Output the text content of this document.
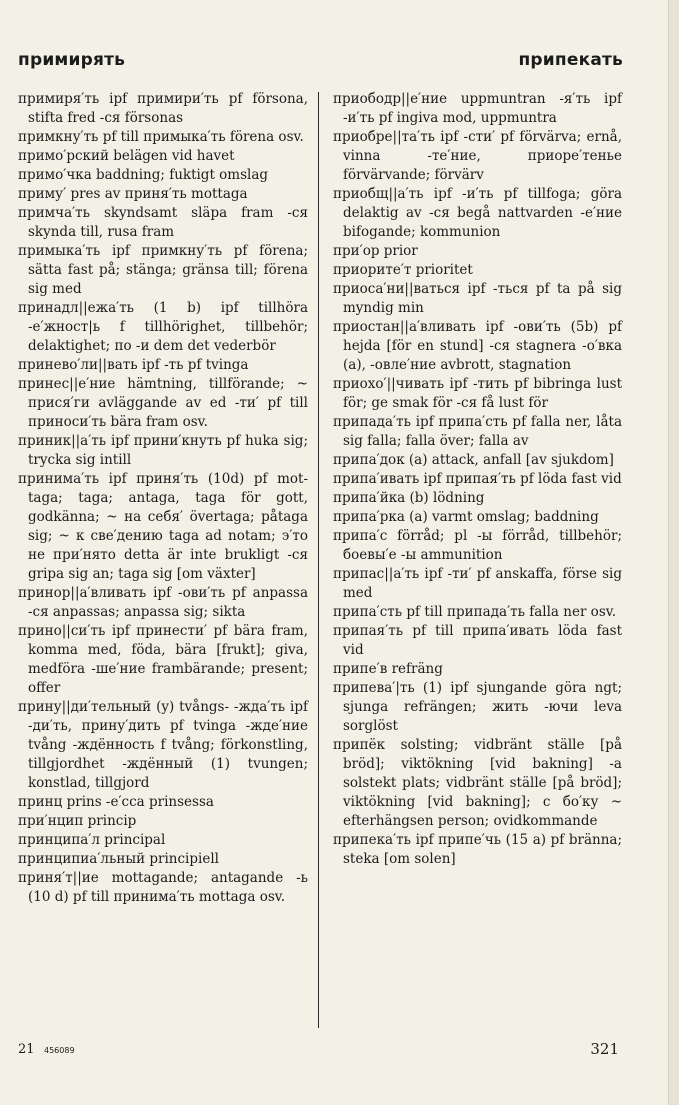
примирять	припекать

примиря′ть ipf примири′ть pf försona, stifta fred -ся försonas

примкну′ть pf till примыка′ть förena osv.

примо′рский belägen vid havet

примо′чка baddning; fuktigt omslag

приму′ pres av приня′ть mottaga

примча′ть skyndsamt släpa fram -ся skynda till, rusa fram

примыка′ть ipf примкну′ть pf förena; sätta fast på; stänga; gränsa till; förena sig med

принадл||ежа′ть (1 b) ipf tillhöra -е′жност|ь f tillhörighet, tillbehör; delaktighet; по -и dem det vederbör

принево′ли||вать ipf -ть pf tvinga

принес||е′ние hämtning, tillförande; ~ прися′ги avläggande av ed -ти′ pf till приноси′ть bära fram osv.

приник||а′ть ipf прини′кнуть pf huka sig; trycka sig intill

принима′ть ipf приня′ть (10d) pf mottaga; taga; antaga, taga för gott, godkänna; ~ на себя′ övertaga; påtaga sig; ~ к све′дению taga ad notam; э′то не при′нято detta är inte brukligt -ся gripa sig an; taga sig [om växter]

принор||а′вливать ipf -ови′ть pf anpassa -ся anpassas; anpassa sig; sikta

прино||си′ть ipf принести′ pf bära fram, komma med, föda, bära [frukt]; giva, medföra -ше′ние frambärande; present; offer

прину||ди′тельный (y) tvångs- -жда′ть ipf -ди′ть, прину′дить pf tvinga -жде′ние tvång -ждённость f tvång; förkonstling, tillgjordhet -ждённый (1) tvungen; konstlad, tillgjord

принц prins -е′сса prinsessa

при′нцип princip

принципа′л principal

принципиа′льный principiell

приня′т||ие mottagande; antagande -ь (10 d) pf till принима′ть mottaga osv.

приободр||е′ние uppmuntran -я′ть ipf -и′ть pf ingiva mod, uppmuntra

приобре||та′ть ipf -сти′ pf förvärva; ernå, vinna -те′ние, приоре′тенье förvärvande; förvärv

приобщ||а′ть ipf -и′ть pf tillfoga; göra delaktig av -ся begå nattvarden -е′ние bifogande; kommunion

при′ор prior

приорите′т prioritet

приоса′ни||ваться ipf -ться pf ta på sig myndig min

приостан||а′вливать ipf -ови′ть (5b) pf hejda [för en stund] -ся stagnera -о′вка (a), -овле′ние avbrott, stagnation

приохо′||чивать ipf -тить pf bibringa lust för; ge smak för -ся få lust för

припада′ть ipf припа′сть pf falla ner, låta sig falla; falla över; falla av

припа′док (a) attack, anfall [av sjukdom]

припа′ивать ipf припая′ть pf löda fast vid

припа′йка (b) lödning

припа′рка (a) varmt omslag; baddning

припа′с förråd; pl -ы förråd, tillbehör; боевы′е -ы ammunition

припас||а′ть ipf -ти′ pf anskaffa, förse sig med

припа′сть pf till припада′ть falla ner osv.

припая′ть pf till припа′ивать löda fast vid

припе′в refräng

припева′|ть (1) ipf sjungande göra ngt; sjunga refrängen; жить -ючи leva sorglöst

припёк solsting; vidbränt ställe [på bröd]; viktökning [vid bakning] -а solstekt plats; vidbränt ställe [på bröd]; viktökning [vid bakning]; с бо′ку ~ efterhängsen person; ovidkommande

припека′ть ipf припе′чь (15 a) pf bränna; steka [om solen]

21 456089	321
